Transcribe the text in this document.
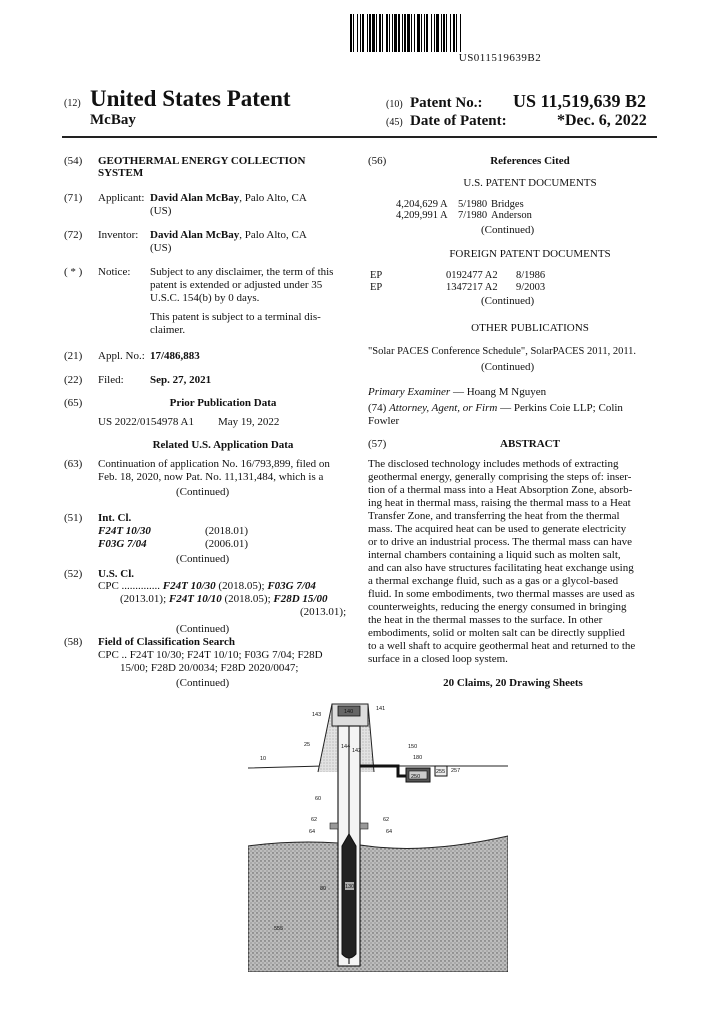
US011519639B2
(12) United States Patent
McBay
(10) Patent No.: US 11,519,639 B2
(45) Date of Patent:	*Dec. 6, 2022
(54) GEOTHERMAL ENERGY COLLECTION
SYSTEM
(71) Applicant: David Alan McBay, Palo Alto, CA
(US)
(72) Inventor: David Alan McBay, Palo Alto, CA
(US)
( * ) Notice: Subject to any disclaimer, the term of this
patent is extended or adjusted under 35
U.S.C. 154(b) by 0 days.
This patent is subject to a terminal dis-
claimer.
(21) Appl. No.: 17/486,883
(22) Filed: Sep. 27, 2021
(65)	Prior Publication Data
US 2022/0154978 A1 May 19, 2022
Related U.S. Application Data
(63) Continuation of application No. 16/793,899, filed on
Feb. 18, 2020, now Pat. No. 11,131,484, which is a
(Continued)
(51) Int. Cl.
F24T 10/30	(2018.01)
F03G 7/04	(2006.01)
(Continued)
(52) U.S. Cl.
CPC .............. F24T 10/30 (2018.05); F03G 7/04
(2013.01); F24T 10/10 (2018.05); F28D 15/00
(2013.01);
(Continued)
(58) Field of Classification Search
CPC .. F24T 10/30; F24T 10/10; F03G 7/04; F28D
15/00; F28D 20/0034; F28D 2020/0047;
(Continued)
(56)	References Cited
U.S. PATENT DOCUMENTS
4,204,629 A 5/1980 Bridges
4,209,991 A 7/1980 Anderson
(Continued)
FOREIGN PATENT DOCUMENTS
EP	0192477 A2 8/1986
EP	1347217 A2 9/2003
(Continued)
OTHER PUBLICATIONS
"Solar PACES Conference Schedule", SolarPACES 2011, 2011.
(Continued)
Primary Examiner — Hoang M Nguyen
(74) Attorney, Agent, or Firm — Perkins Coie LLP; Colin
Fowler
(57)	ABSTRACT
The disclosed technology includes methods of extracting
geothermal energy, generally comprising the steps of: inser-
tion of a thermal mass into a Heat Absorption Zone, absorb-
ing heat in thermal mass, raising the thermal mass to a Heat
Transfer Zone, and transferring the heat from the thermal
mass. The acquired heat can be used to generate electricity
or to drive an industrial process. The thermal mass can have
internal chambers containing a liquid such as molten salt,
and can also have structures facilitating heat exchange using
a thermal exchange fluid, such as a gas or a glycol-based
fluid. In some embodiments, two thermal masses are used as
counterweights, reducing the energy consumed in bringing
the heat in the thermal masses to the surface. In other
embodiments, solid or molten salt can be directly supplied
to a well shaft to acquire geothermal heat and returned to the
surface in a closed loop system.
20 Claims, 20 Drawing Sheets
143	140	141
25	144
142
150
180
250
255 257
10
60
62	62
64	64
130
80
555
